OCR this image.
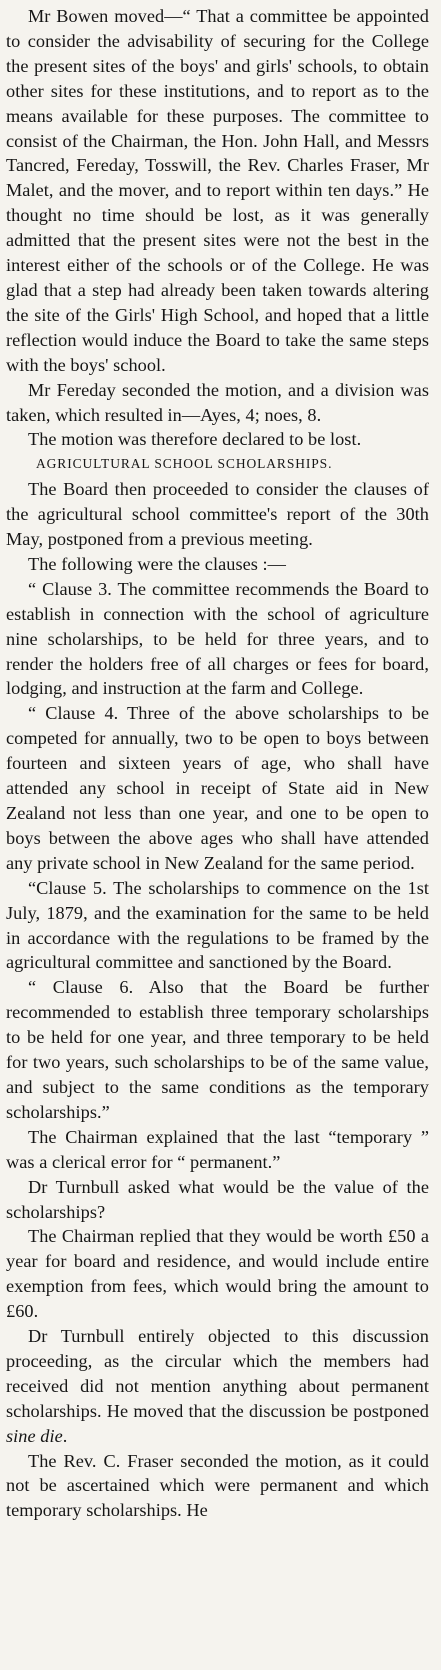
Mr Bowen moved—“ That a committee be appointed to consider the advisability of securing for the College the present sites of the boys' and girls' schools, to obtain other sites for these institutions, and to report as to the means available for these purposes. The committee to consist of the Chairman, the Hon. John Hall, and Messrs Tancred, Fereday, Tosswill, the Rev. Charles Fraser, Mr Malet, and the mover, and to report within ten days.” He thought no time should be lost, as it was generally admitted that the present sites were not the best in the interest either of the schools or of the College. He was glad that a step had already been taken towards altering the site of the Girls' High School, and hoped that a little reflection would induce the Board to take the same steps with the boys' school.

Mr Fereday seconded the motion, and a division was taken, which resulted in—Ayes, 4; noes, 8.

The motion was therefore declared to be lost.

AGRICULTURAL SCHOOL SCHOLARSHIPS.

The Board then proceeded to consider the clauses of the agricultural school committee's report of the 30th May, postponed from a previous meeting.

The following were the clauses :—

“ Clause 3. The committee recommends the Board to establish in connection with the school of agriculture nine scholarships, to be held for three years, and to render the holders free of all charges or fees for board, lodging, and instruction at the farm and College.

“ Clause 4. Three of the above scholarships to be competed for annually, two to be open to boys between fourteen and sixteen years of age, who shall have attended any school in receipt of State aid in New Zealand not less than one year, and one to be open to boys between the above ages who shall have attended any private school in New Zealand for the same period.

“Clause 5. The scholarships to commence on the 1st July, 1879, and the examination for the same to be held in accordance with the regulations to be framed by the agricultural committee and sanctioned by the Board.

“ Clause 6. Also that the Board be further recommended to establish three temporary scholarships to be held for one year, and three temporary to be held for two years, such scholarships to be of the same value, and subject to the same conditions as the temporary scholarships.”

The Chairman explained that the last “temporary ” was a clerical error for “ permanent.”

Dr Turnbull asked what would be the value of the scholarships?

The Chairman replied that they would be worth £50 a year for board and residence, and would include entire exemption from fees, which would bring the amount to £60.

Dr Turnbull entirely objected to this discussion proceeding, as the circular which the members had received did not mention anything about permanent scholarships. He moved that the discussion be postponed sine die.

The Rev. C. Fraser seconded the motion, as it could not be ascertained which were permanent and which temporary scholarships. He
